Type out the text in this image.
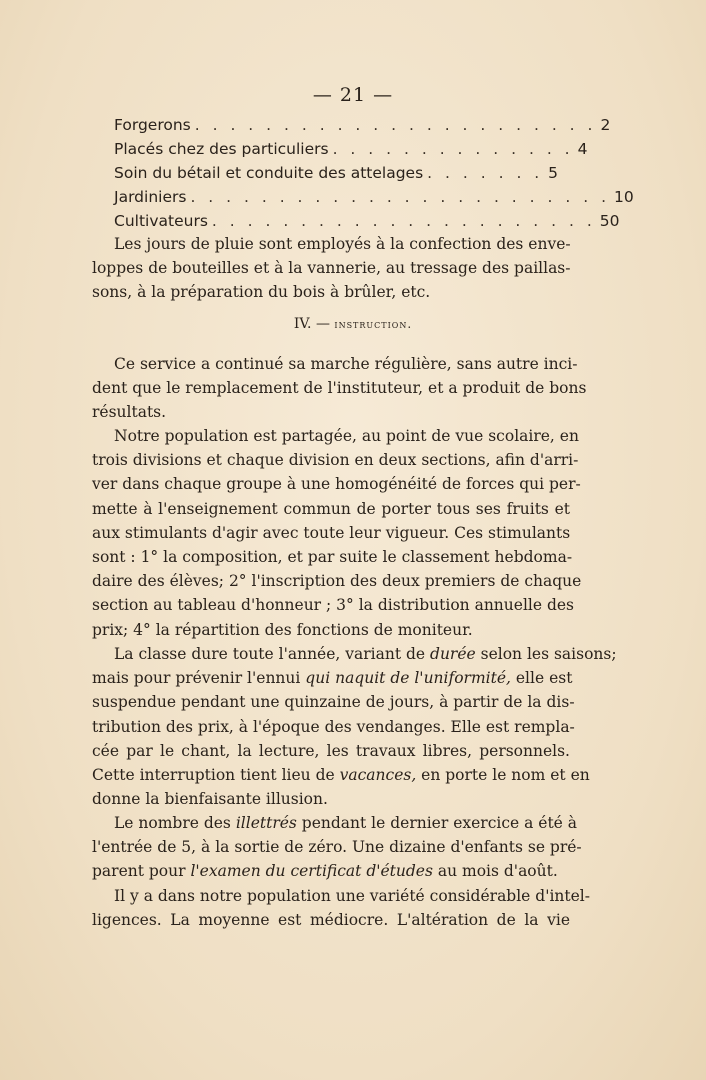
— 21 —
Forgerons . . . . . . . . . . . . . . . . . . . . . . . 2
Placés chez des particuliers . . . . . . . . . . . . . . 4
Soin du bétail et conduite des attelages . . . . . . . 5
Jardiniers . . . . . . . . . . . . . . . . . . . . . . . . 10
Cultivateurs . . . . . . . . . . . . . . . . . . . . . . 50
Les jours de pluie sont employés à la confection des enve-
loppes de bouteilles et à la vannerie, au tressage des paillas-
sons, à la préparation du bois à brûler, etc.
IV. — instruction.
Ce service a continué sa marche régulière, sans autre inci-
dent que le remplacement de l'instituteur, et a produit de bons
résultats.
Notre population est partagée, au point de vue scolaire, en
trois divisions et chaque division en deux sections, afin d'arri-
ver dans chaque groupe à une homogénéité de forces qui per-
mette à l'enseignement commun de porter tous ses fruits et
aux stimulants d'agir avec toute leur vigueur. Ces stimulants
sont : 1° la composition, et par suite le classement hebdoma-
daire des élèves; 2° l'inscription des deux premiers de chaque
section au tableau d'honneur ; 3° la distribution annuelle des
prix; 4° la répartition des fonctions de moniteur.
La classe dure toute l'année, variant de durée selon les saisons;
mais pour prévenir l'ennui qui naquit de l'uniformité, elle est
suspendue pendant une quinzaine de jours, à partir de la dis-
tribution des prix, à l'époque des vendanges. Elle est rempla-
cée par le chant, la lecture, les travaux libres, personnels.
Cette interruption tient lieu de vacances, en porte le nom et en
donne la bienfaisante illusion.
Le nombre des illettrés pendant le dernier exercice a été à
l'entrée de 5, à la sortie de zéro. Une dizaine d'enfants se pré-
parent pour l'examen du certificat d'études au mois d'août.
Il y a dans notre population une variété considérable d'intel-
ligences. La moyenne est médiocre. L'altération de la vie
